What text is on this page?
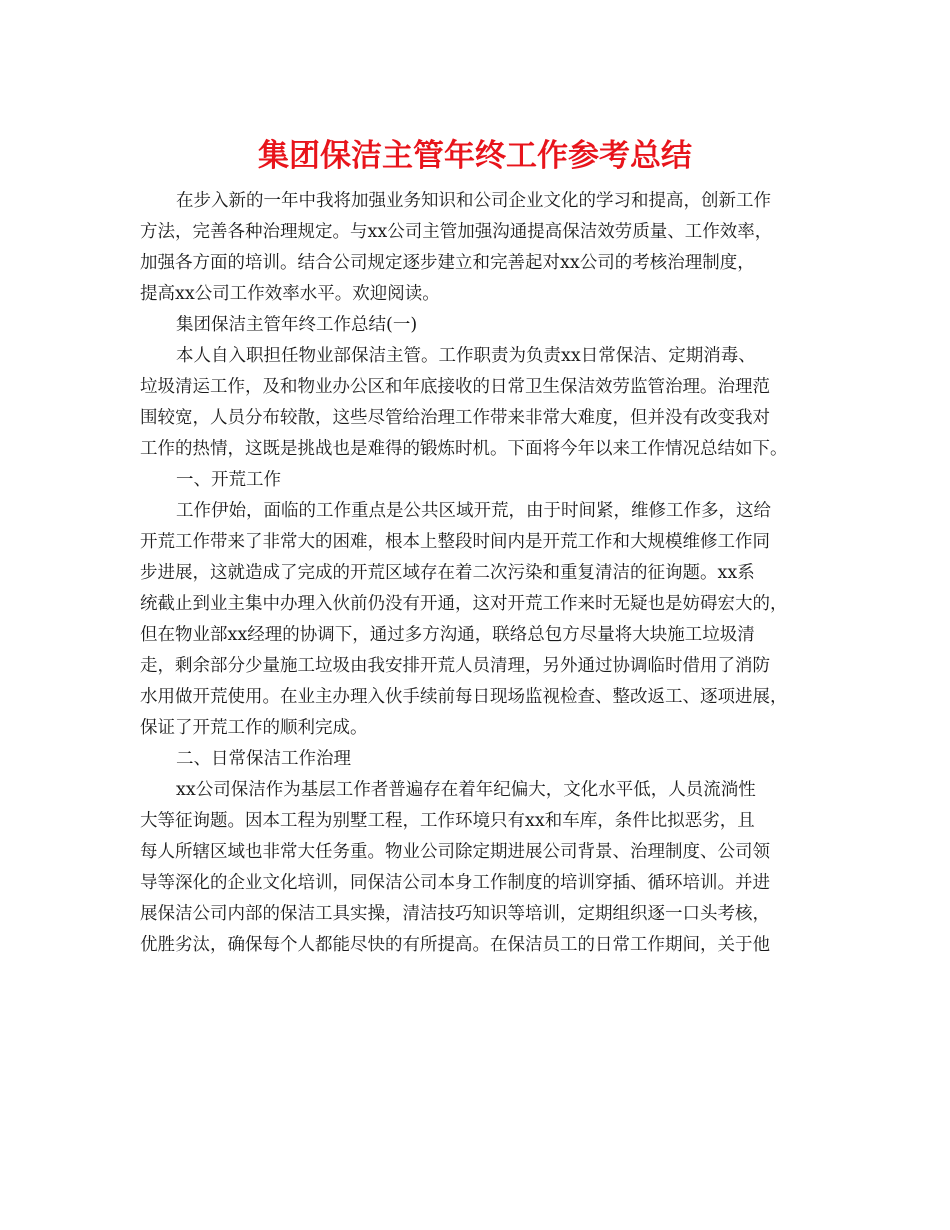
集团保洁主管年终工作参考总结
在步入新的一年中我将加强业务知识和公司企业文化的学习和提高，创新工作
方法，完善各种治理规定。与xx公司主管加强沟通提高保洁效劳质量、工作效率，
加强各方面的培训。结合公司规定逐步建立和完善起对xx公司的考核治理制度，
提高xx公司工作效率水平。欢迎阅读。
集团保洁主管年终工作总结(一)
本人自入职担任物业部保洁主管。工作职责为负责xx日常保洁、定期消毒、
垃圾清运工作，及和物业办公区和年底接收的日常卫生保洁效劳监管治理。治理范
围较宽，人员分布较散，这些尽管给治理工作带来非常大难度，但并没有改变我对
工作的热情，这既是挑战也是难得的锻炼时机。下面将今年以来工作情况总结如下。
一、开荒工作
工作伊始，面临的工作重点是公共区域开荒，由于时间紧，维修工作多，这给
开荒工作带来了非常大的困难，根本上整段时间内是开荒工作和大规模维修工作同
步进展，这就造成了完成的开荒区域存在着二次污染和重复清洁的征询题。xx系
统截止到业主集中办理入伙前仍没有开通，这对开荒工作来时无疑也是妨碍宏大的，
但在物业部xx经理的协调下，通过多方沟通，联络总包方尽量将大块施工垃圾清
走，剩余部分少量施工垃圾由我安排开荒人员清理，另外通过协调临时借用了消防
水用做开荒使用。在业主办理入伙手续前每日现场监视检查、整改返工、逐项进展，
保证了开荒工作的顺利完成。
二、日常保洁工作治理
xx公司保洁作为基层工作者普遍存在着年纪偏大，文化水平低，人员流淌性
大等征询题。因本工程为别墅工程，工作环境只有xx和车库，条件比拟恶劣，且
每人所辖区域也非常大任务重。物业公司除定期进展公司背景、治理制度、公司领
导等深化的企业文化培训，同保洁公司本身工作制度的培训穿插、循环培训。并进
展保洁公司内部的保洁工具实操，清洁技巧知识等培训，定期组织逐一口头考核，
优胜劣汰，确保每个人都能尽快的有所提高。在保洁员工的日常工作期间，关于他
